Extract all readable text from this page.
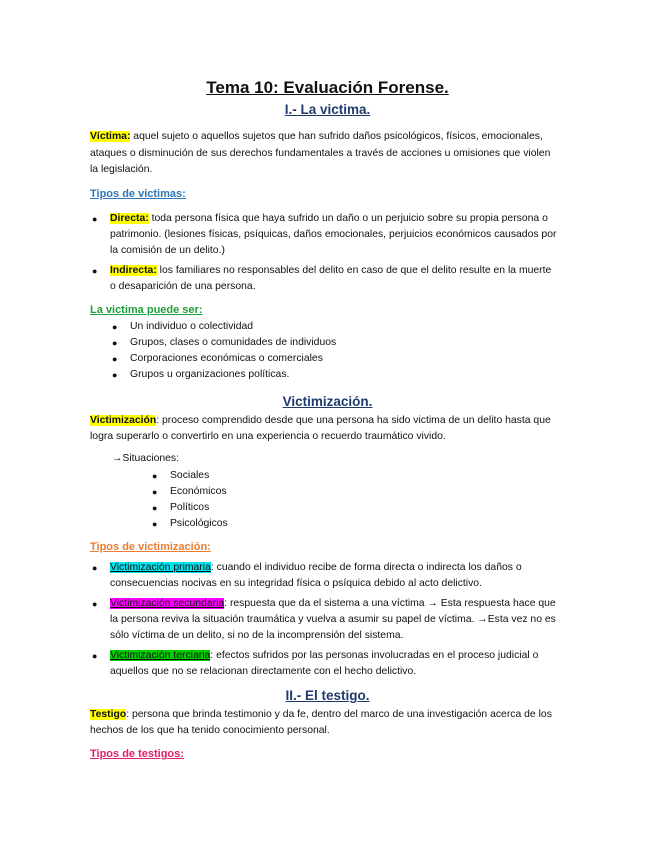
Tema 10: Evaluación Forense.
I.- La victima.
Víctima: aquel sujeto o aquellos sujetos que han sufrido daños psicológicos, físicos, emocionales,
ataques o disminución de sus derechos fundamentales a través de acciones u omisiones que violen
la legislación.
Tipos de victimas:
● Directa: toda persona física que haya sufrido un daño o un perjuicio sobre su propia persona o
patrimonio. (lesiones físicas, psíquicas, daños emocionales, perjuicios económicos causados por
la comisión de un delito.)
● Indirecta: los familiares no responsables del delito en caso de que el delito resulte en la muerte
o desaparición de una persona.
La victima puede ser:
● Un individuo o colectividad
● Grupos, clases o comunidades de individuos
● Corporaciones económicas o comerciales
● Grupos u organizaciones políticas.
Victimización.
Victimización: proceso comprendido desde que una persona ha sido victima de un delito hasta que
logra superarlo o convertirlo en una experiencia o recuerdo traumático vivido.
→Situaciones:
● Sociales
● Económicos
● Políticos
● Psicológicos
Tipos de victimización:
● Victimización primaria: cuando el individuo recibe de forma directa o indirecta los daños o
consecuencias nocivas en su integridad física o psíquica debido al acto delictivo.
● Victimización secundaria: respuesta que da el sistema a una víctima → Esta respuesta hace que
la persona reviva la situación traumática y vuelva a asumir su papel de víctima. →Esta vez no es
sólo víctima de un delito, si no de la incomprensión del sistema.
● Victimización terciaria: efectos sufridos por las personas involucradas en el proceso judicial o
aquellos que no se relacionan directamente con el hecho delictivo.
II.- El testigo.
Testigo: persona que brinda testimonio y da fe, dentro del marco de una investigación acerca de los
hechos de los que ha tenido conocimiento personal.
Tipos de testigos:
